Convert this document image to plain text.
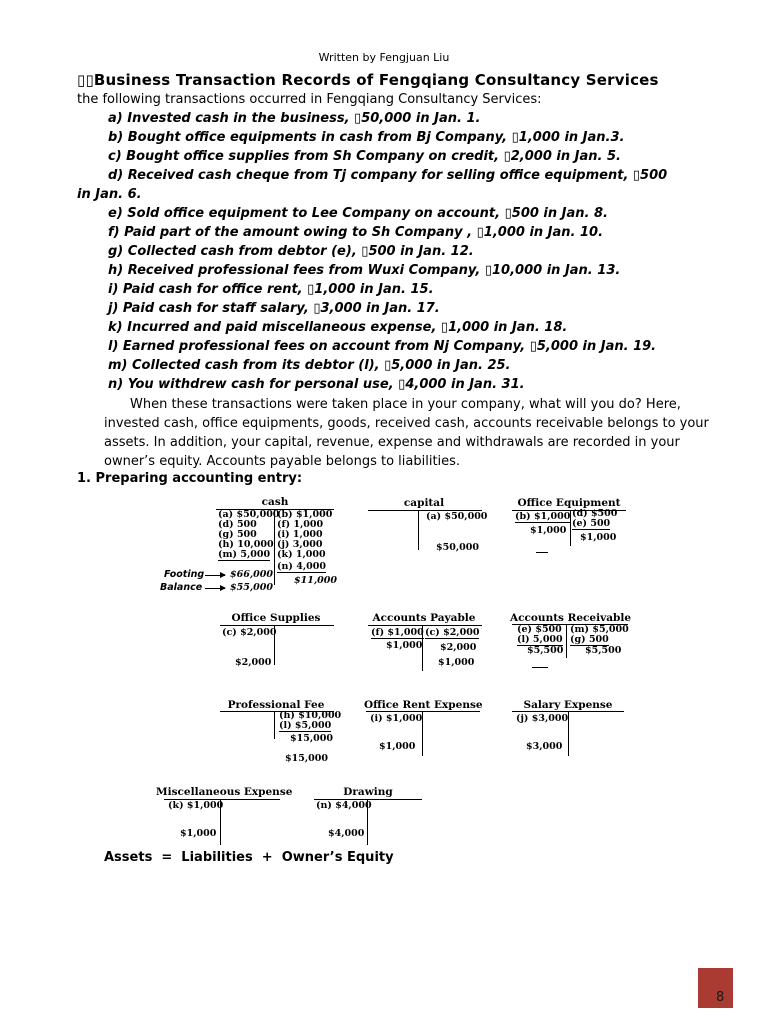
Written by Fengjuan Liu
▯▯Business Transaction Records of Fengqiang Consultancy Services
the following transactions occurred in Fengqiang Consultancy Services:
a) Invested cash in the business, ▯50,000 in Jan. 1.
b) Bought office equipments in cash from Bj Company, ▯1,000 in Jan.3.
c) Bought office supplies from Sh Company on credit, ▯2,000 in Jan. 5.
d) Received cash cheque from Tj company for selling office equipment, ▯500
in Jan. 6.
e) Sold office equipment to Lee Company on account, ▯500 in Jan. 8.
f) Paid part of the amount owing to Sh Company , ▯1,000 in Jan. 10.
g) Collected cash from debtor (e), ▯500 in Jan. 12.
h) Received professional fees from Wuxi Company, ▯10,000 in Jan. 13.
i) Paid cash for office rent, ▯1,000 in Jan. 15.
j) Paid cash for staff salary, ▯3,000 in Jan. 17.
k) Incurred and paid miscellaneous expense, ▯1,000 in Jan. 18.
l) Earned professional fees on account from Nj Company, ▯5,000 in Jan. 19.
m) Collected cash from its debtor (l), ▯5,000 in Jan. 25.
n) You withdrew cash for personal use, ▯4,000 in Jan. 31.
When these transactions were taken place in your company, what will you do? Here, invested cash, office equipments, goods, received cash, accounts receivable belongs to your assets. In addition, your capital, revenue, expense and withdrawals are recorded in your owner’s equity. Accounts payable belongs to liabilities.
1. Preparing accounting entry:
cash
(a) $50,000
(d) 500
(g) 500
(h) 10,000
(m) 5,000
(b) $1,000
(f) 1,000
(i) 1,000
(j) 3,000
(k) 1,000
(n) 4,000
Footing	$66,000
$11,000
Balance	$55,000
capital
(a) $50,000
$50,000
Office Equipment
(b) $1,000
$1,000
(d) $500
(e) 500
$1,000
Office Supplies
(c) $2,000
$2,000
Accounts Payable
(f) $1,000
$1,000
(c) $2,000
$2,000
$1,000
Accounts Receivable
(e) $500
(l) 5,000
$5,500
(m) $5,000
(g) 500
$5,500
Professional Fee
(h) $10,000
(l) $5,000
$15,000
$15,000
Office Rent Expense
(i) $1,000
$1,000
Salary Expense
(j) $3,000
$3,000
Miscellaneous Expense
(k) $1,000
$1,000
Drawing
(n) $4,000
$4,000
Assets  =  Liabilities  +  Owner’s Equity
8
